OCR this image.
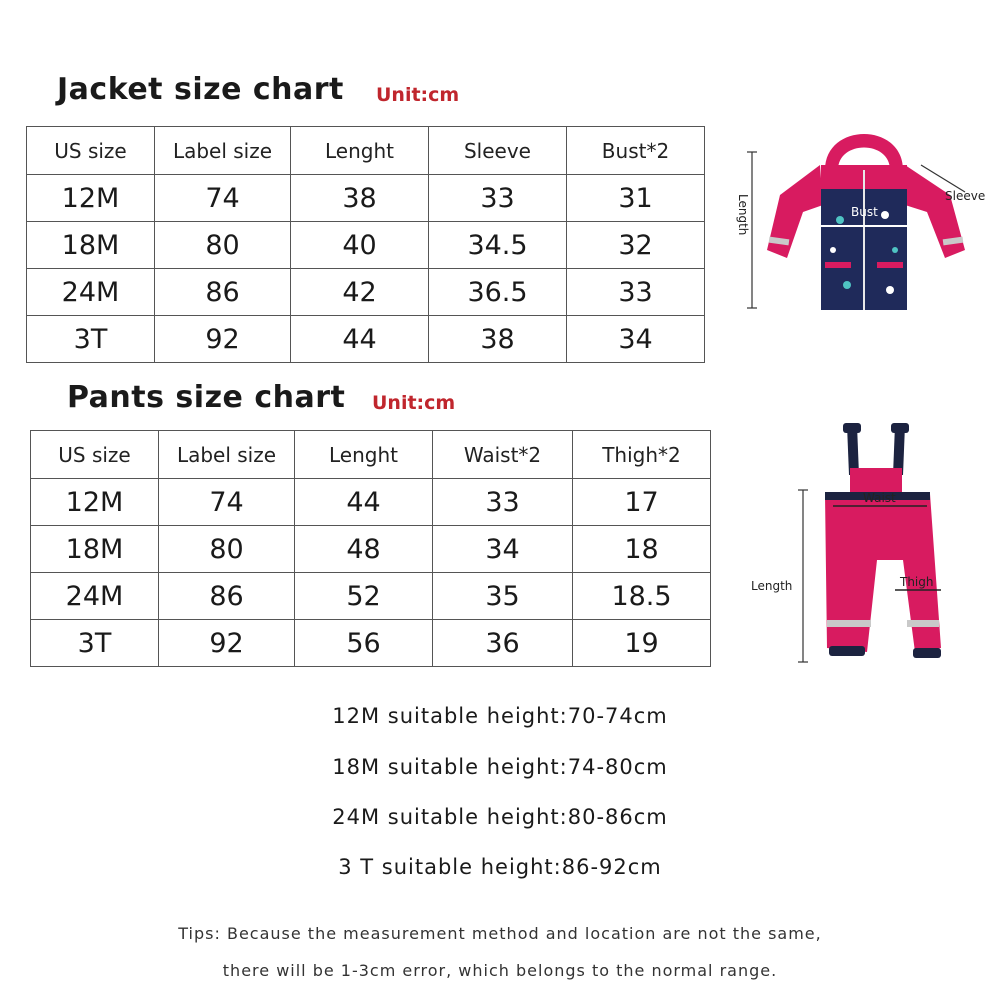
Jacket size chart Unit:cm
US size	Label size	Lenght	Sleeve	Bust*2
12M	74	38	33	31
18M	80	40	34.5	32
24M	86	42	36.5	33
3T	92	44	38	34
Length	Bust
Sleeve
Pants size chart Unit:cm
US size	Label size	Lenght	Waist*2	Thigh*2
12M	74	44	33	17
18M	80	48	34	18
24M	86	52	35	18.5
3T	92	56	36	19
Waist
Thigh
Length
12M suitable height:70-74cm
18M suitable height:74-80cm
24M suitable height:80-86cm
3 T suitable height:86-92cm
Tips: Because the measurement method and location are not the same,
there will be 1-3cm error, which belongs to the normal range.
